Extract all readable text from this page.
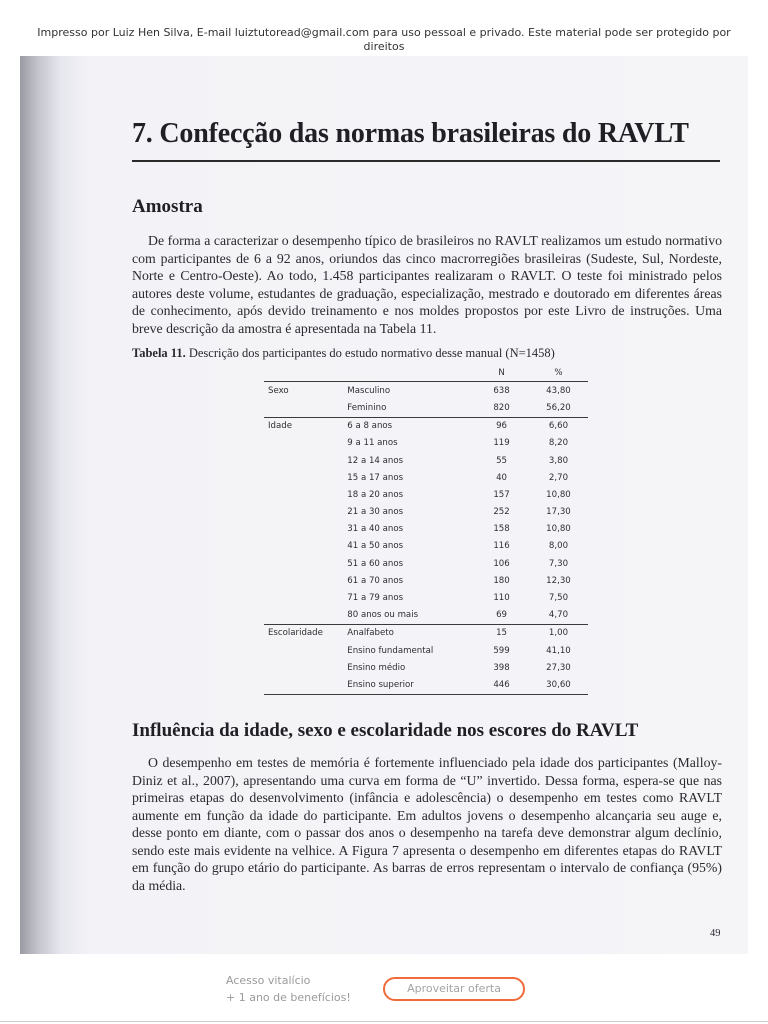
Impresso por Luiz Hen Silva, E-mail luiztutoread@gmail.com para uso pessoal e privado. Este material pode ser protegido por direitos
7. Confecção das normas brasileiras do RAVLT
Amostra

De forma a caracterizar o desempenho típico de brasileiros no RAVLT realizamos um estudo normativo com participantes de 6 a 92 anos, oriundos das cinco macrorregiões brasileiras (Sudeste, Sul, Nordeste, Norte e Centro-Oeste). Ao todo, 1.458 participantes realizaram o RAVLT. O teste foi ministrado pelos autores deste volume, estudantes de graduação, especialização, mestrado e doutorado em diferentes áreas de conhecimento, após devido treinamento e nos moldes propostos por este Livro de instruções. Uma breve descrição da amostra é apresentada na Tabela 11.

Tabela 11. Descrição dos participantes do estudo normativo desse manual (N=1458)
		N	%
Sexo	Masculino	638	43,80
	Feminino	820	56,20
Idade	6 a 8 anos	96	6,60
	9 a 11 anos	119	8,20
	12 a 14 anos	55	3,80
	15 a 17 anos	40	2,70
	18 a 20 anos	157	10,80
	21 a 30 anos	252	17,30
	31 a 40 anos	158	10,80
	41 a 50 anos	116	8,00
	51 a 60 anos	106	7,30
	61 a 70 anos	180	12,30
	71 a 79 anos	110	7,50
	80 anos ou mais	69	4,70
Escolaridade	Analfabeto	15	1,00
	Ensino fundamental	599	41,10
	Ensino médio	398	27,30
	Ensino superior	446	30,60
Influência da idade, sexo e escolaridade nos escores do RAVLT

O desempenho em testes de memória é fortemente influenciado pela idade dos participantes (Malloy-Diniz et al., 2007), apresentando uma curva em forma de “U” invertido. Dessa forma, espera-se que nas primeiras etapas do desenvolvimento (infância e adolescência) o desempenho em testes como RAVLT aumente em função da idade do participante. Em adultos jovens o desempenho alcançaria seu auge e, desse ponto em diante, com o passar dos anos o desempenho na tarefa deve demonstrar algum declínio, sendo este mais evidente na velhice. A Figura 7 apresenta o desempenho em diferentes etapas do RAVLT em função do grupo etário do participante. As barras de erros representam o intervalo de confiança (95%) da média.

49
Acesso vitalício
+ 1 ano de benefícios!
Aproveitar oferta
